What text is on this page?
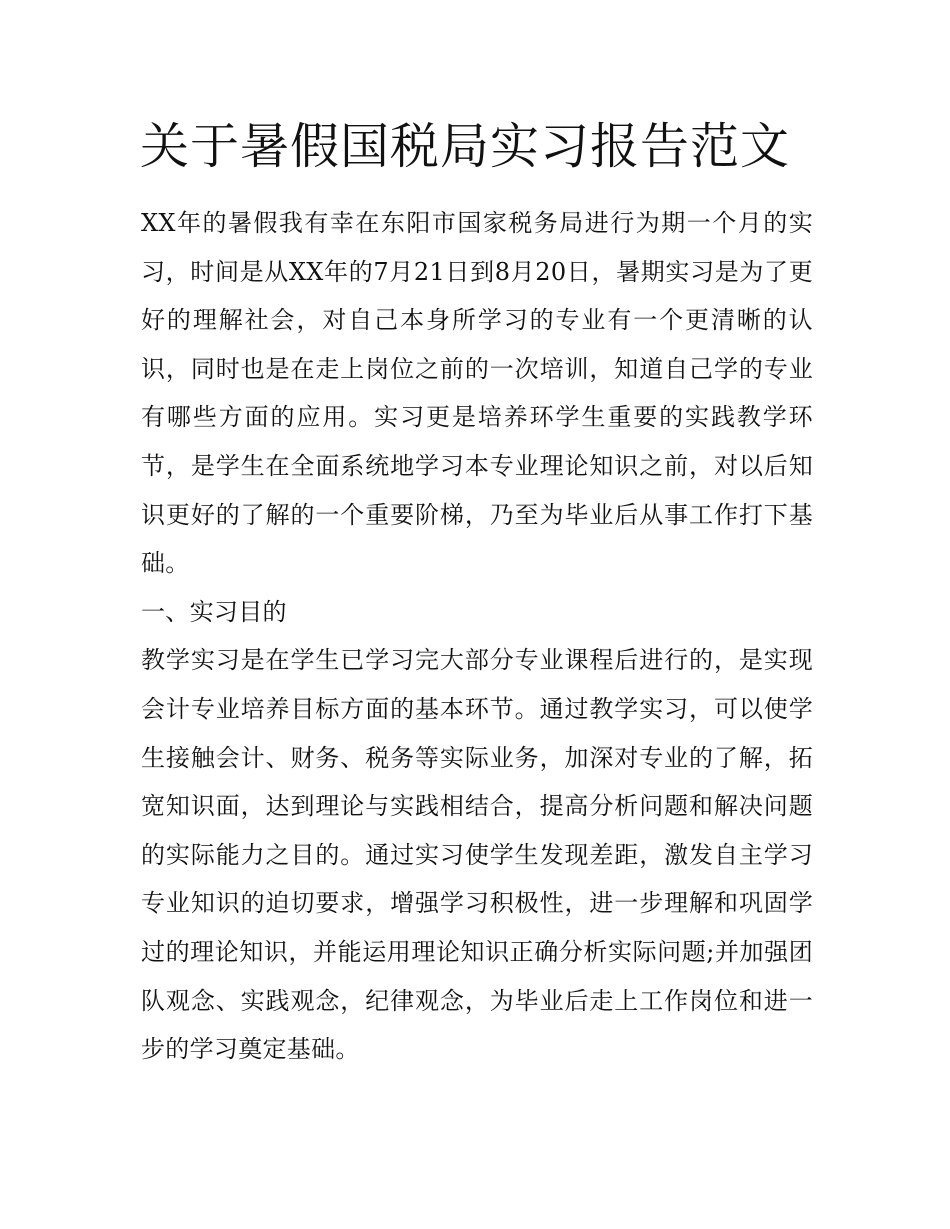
关于暑假国税局实习报告范文

XX年的暑假我有幸在东阳市国家税务局进行为期一个月的实习，时间是从XX年的7月21日到8月20日，暑期实习是为了更好的理解社会，对自己本身所学习的专业有一个更清晰的认识，同时也是在走上岗位之前的一次培训，知道自己学的专业有哪些方面的应用。实习更是培养环学生重要的实践教学环节，是学生在全面系统地学习本专业理论知识之前，对以后知识更好的了解的一个重要阶梯，乃至为毕业后从事工作打下基础。

一、实习目的

教学实习是在学生已学习完大部分专业课程后进行的，是实现会计专业培养目标方面的基本环节。通过教学实习，可以使学生接触会计、财务、税务等实际业务，加深对专业的了解，拓宽知识面，达到理论与实践相结合，提高分析问题和解决问题的实际能力之目的。通过实习使学生发现差距，激发自主学习专业知识的迫切要求，增强学习积极性，进一步理解和巩固学过的理论知识，并能运用理论知识正确分析实际问题;并加强团队观念、实践观念，纪律观念，为毕业后走上工作岗位和进一步的学习奠定基础。
